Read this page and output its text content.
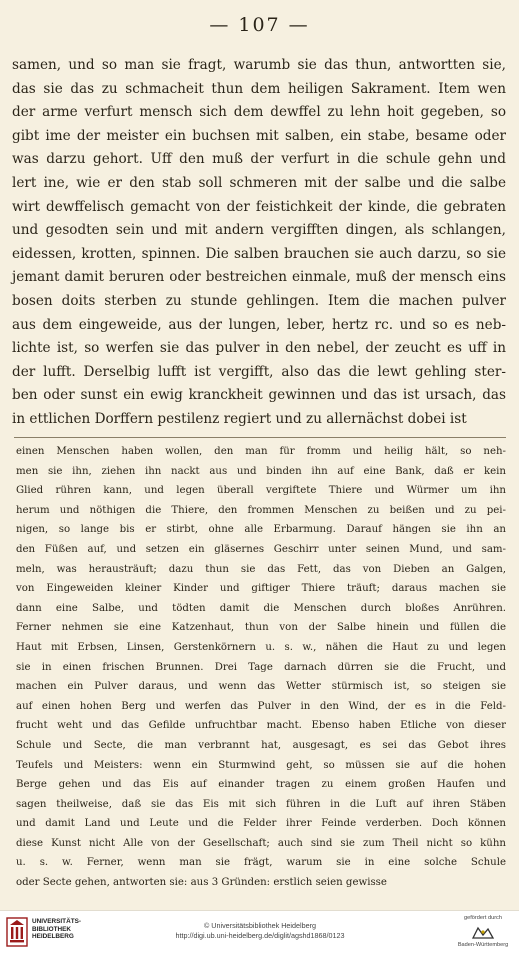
— 107 —
samen, und so man sie fragt, warumb sie das thun, antwortten sie,
das sie das zu schmacheit thun dem heiligen Sakrament. Item wen
der arme verfurt mensch sich dem dewffel zu lehn hoit gegeben, so
gibt ime der meister ein buchsen mit salben, ein stabe, besame oder
was darzu gehort. Uff den muß der verfurt in die schule gehn und
lert ine, wie er den stab soll schmeren mit der salbe und die salbe
wirt dewffelisch gemacht von der feistichkeit der kinde, die gebraten
und gesodten sein und mit andern vergifften dingen, als schlangen,
eidessen, krotten, spinnen. Die salben brauchen sie auch darzu, so sie
jemant damit beruren oder bestreichen einmale, muß der mensch eins
bosen doits sterben zu stunde gehlingen. Item die machen pulver
aus dem eingeweide, aus der lungen, leber, hertz rc. und so es neb-
lichte ist, so werfen sie das pulver in den nebel, der zeucht es uff in
der lufft. Derselbig lufft ist vergifft, also das die lewt gehling ster-
ben oder sunst ein ewig kranckheit gewinnen und das ist ursach, das
in ettlichen Dorffern pestilenz regiert und zu allernächst dobei ist
einen Menschen haben wollen, den man für fromm und heilig hält, so neh-
men sie ihn, ziehen ihn nackt aus und binden ihn auf eine Bank, daß er kein
Glied rühren kann, und legen überall vergiftete Thiere und Würmer um ihn
herum und nöthigen die Thiere, den frommen Menschen zu beißen und zu pei-
nigen, so lange bis er stirbt, ohne alle Erbarmung. Darauf hängen sie ihn an
den Füßen auf, und setzen ein gläsernes Geschirr unter seinen Mund, und sam-
meln, was herausträuft; dazu thun sie das Fett, das von Dieben an Galgen,
von Eingeweiden kleiner Kinder und giftiger Thiere träuft; daraus machen sie
dann eine Salbe, und tödten damit die Menschen durch bloßes Anrühren.
Ferner nehmen sie eine Katzenhaut, thun von der Salbe hinein und füllen die
Haut mit Erbsen, Linsen, Gerstenkörnern u. s. w., nähen die Haut zu und legen
sie in einen frischen Brunnen. Drei Tage darnach dürren sie die Frucht, und
machen ein Pulver daraus, und wenn das Wetter stürmisch ist, so steigen sie
auf einen hohen Berg und werfen das Pulver in den Wind, der es in die Feld-
frucht weht und das Gefilde unfruchtbar macht. Ebenso haben Etliche von dieser
Schule und Secte, die man verbrannt hat, ausgesagt, es sei das Gebot ihres
Teufels und Meisters: wenn ein Sturmwind geht, so müssen sie auf die hohen
Berge gehen und das Eis auf einander tragen zu einem großen Haufen und
sagen theilweise, daß sie das Eis mit sich führen in die Luft auf ihren Stäben
und damit Land und Leute und die Felder ihrer Feinde verderben. Doch können
diese Kunst nicht Alle von der Gesellschaft; auch sind sie zum Theil nicht so kühn
u. s. w. Ferner, wenn man sie frägt, warum sie in eine solche Schule
oder Secte gehen, antworten sie: aus 3 Gründen: erstlich seien gewisse
UNIVERSITÄTS-
BIBLIOTHEK
HEIDELBERG
© Universitätsbibliothek Heidelberg
http://digi.ub.uni-heidelberg.de/diglit/agshd1868/0123
gefördert durch
Baden-Württemberg
